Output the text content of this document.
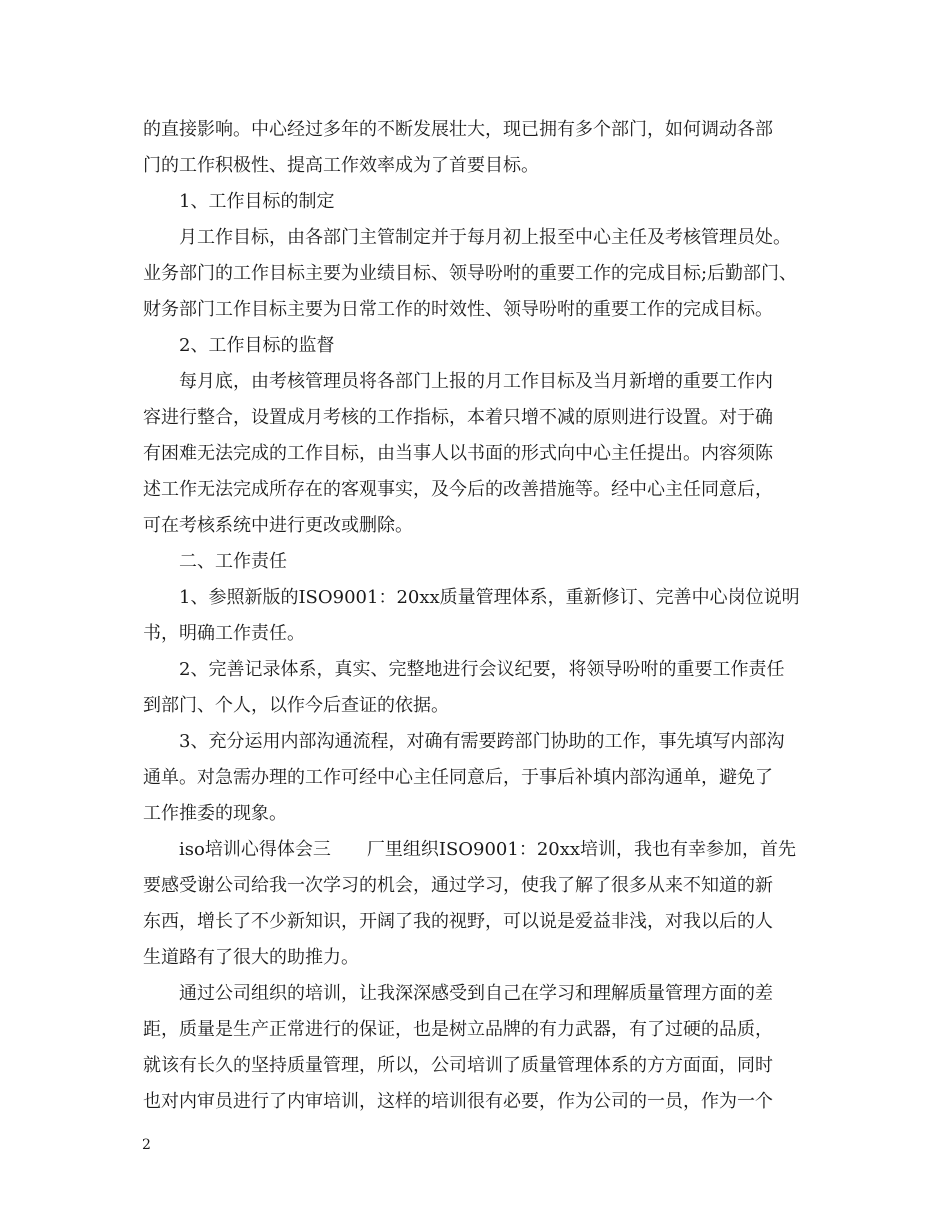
的直接影响。中心经过多年的不断发展壮大，现已拥有多个部门，如何调动各部
门的工作积极性、提高工作效率成为了首要目标。
1、工作目标的制定
月工作目标，由各部门主管制定并于每月初上报至中心主任及考核管理员处。
业务部门的工作目标主要为业绩目标、领导吩咐的重要工作的完成目标;后勤部门、
财务部门工作目标主要为日常工作的时效性、领导吩咐的重要工作的完成目标。
2、工作目标的监督
每月底，由考核管理员将各部门上报的月工作目标及当月新增的重要工作内
容进行整合，设置成月考核的工作指标，本着只增不减的原则进行设置。对于确
有困难无法完成的工作目标，由当事人以书面的形式向中心主任提出。内容须陈
述工作无法完成所存在的客观事实，及今后的改善措施等。经中心主任同意后，
可在考核系统中进行更改或删除。
二、工作责任
1、参照新版的ISO9001：20xx质量管理体系，重新修订、完善中心岗位说明
书，明确工作责任。
2、完善记录体系，真实、完整地进行会议纪要，将领导吩咐的重要工作责任
到部门、个人，以作今后查证的依据。
3、充分运用内部沟通流程，对确有需要跨部门协助的工作，事先填写内部沟
通单。对急需办理的工作可经中心主任同意后，于事后补填内部沟通单，避免了
工作推委的现象。
iso培训心得体会三　　厂里组织ISO9001：20xx培训，我也有幸参加，首先
要感受谢公司给我一次学习的机会，通过学习，使我了解了很多从来不知道的新
东西，增长了不少新知识，开阔了我的视野，可以说是爱益非浅，对我以后的人
生道路有了很大的助推力。
通过公司组织的培训，让我深深感受到自己在学习和理解质量管理方面的差
距，质量是生产正常进行的保证，也是树立品牌的有力武器，有了过硬的品质，
就该有长久的坚持质量管理，所以，公司培训了质量管理体系的方方面面，同时
也对内审员进行了内审培训，这样的培训很有必要，作为公司的一员，作为一个
2
